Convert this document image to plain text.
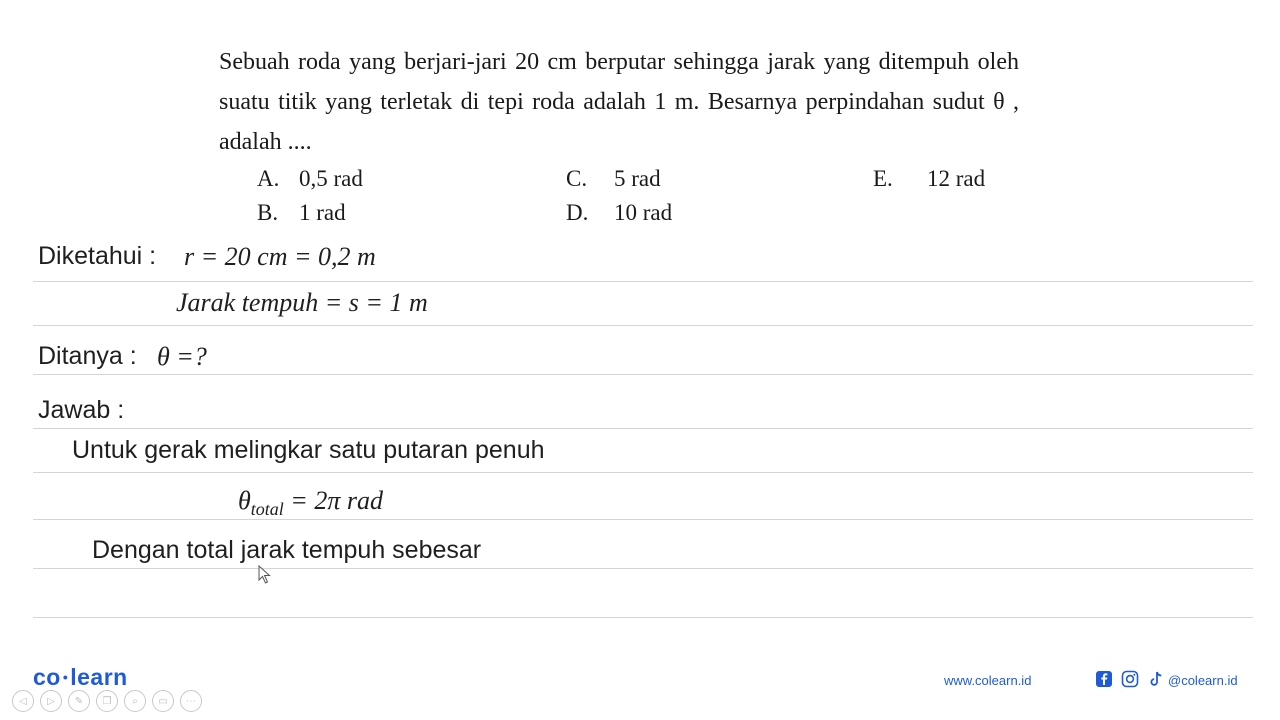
Sebuah roda yang berjari-jari 20 cm berputar sehingga jarak yang ditempuh oleh suatu titik yang terletak di tepi roda adalah 1 m. Besarnya perpindahan sudut θ , adalah ....
A. 0,5 rad
B. 1 rad
C. 5 rad
D. 10 rad
E. 12 rad
Diketahui : r = 20 cm = 0,2 m
Jarak tempuh = s = 1 m
Ditanya : θ =?
Jawab :
Untuk gerak melingkar satu putaran penuh
$\theta_{total} = 2\pi$ rad
Dengan total jarak tempuh sebesar
co •learn
◁	▷	✎	❐	⌕	▭	⋯
www.colearn.id	@colearn.id
